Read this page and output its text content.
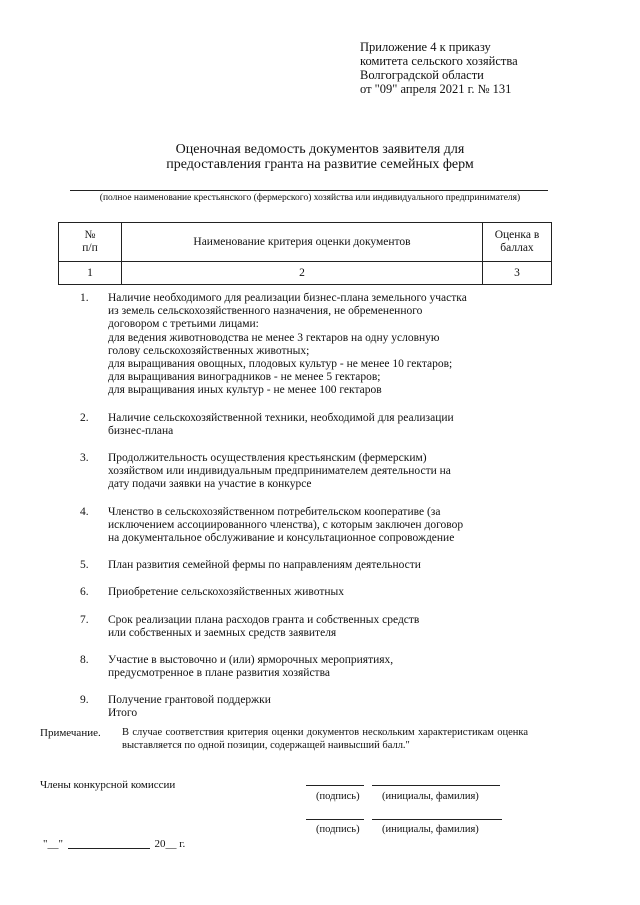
Приложение 4 к приказу
комитета сельского хозяйства
Волгоградской области
от "09" апреля 2021 г. № 131
Оценочная ведомость документов заявителя для
предоставления гранта на развитие семейных ферм
(полное наименование крестьянского (фермерского) хозяйства или индивидуального предпринимателя)
№
п/п	Наименование критерия оценки документов	Оценка в
баллах
1	2	3
1.	Наличие необходимого для реализации бизнес-плана земельного участка
из земель сельскохозяйственного назначения, не обремененного
договором с третьими лицами:
для ведения животноводства не менее 3 гектаров на одну условную
голову сельскохозяйственных животных;
для выращивания овощных, плодовых культур - не менее 10 гектаров;
для выращивания виноградников - не менее 5 гектаров;
для выращивания иных культур - не менее 100 гектаров
2.	Наличие сельскохозяйственной техники, необходимой для реализации
бизнес-плана
3.	Продолжительность осуществления крестьянским (фермерским)
хозяйством или индивидуальным предпринимателем деятельности на
дату подачи заявки на участие в конкурсе
4.	Членство в сельскохозяйственном потребительском кооперативе (за
исключением ассоциированного членства), с которым заключен договор
на документальное обслуживание и консультационное сопровождение
5.	План развития семейной фермы по направлениям деятельности
6.	Приобретение сельскохозяйственных животных
7.	Срок реализации плана расходов гранта и собственных средств
или собственных и заемных средств заявителя
8.	Участие в выстовочно и (или) ярморочных мероприятиях,
предусмотренное в плане развития хозяйства
9.	Получение грантовой поддержки
Итого
Примечание. В случае соответствия критерия оценки документов нескольким характеристикам оценка выставляется по одной позиции, содержащей наивысший балл."
Члены конкурсной комиссии
(подпись) (инициалы, фамилия)
(подпись) (инициалы, фамилия)
"__"	20__ г.
